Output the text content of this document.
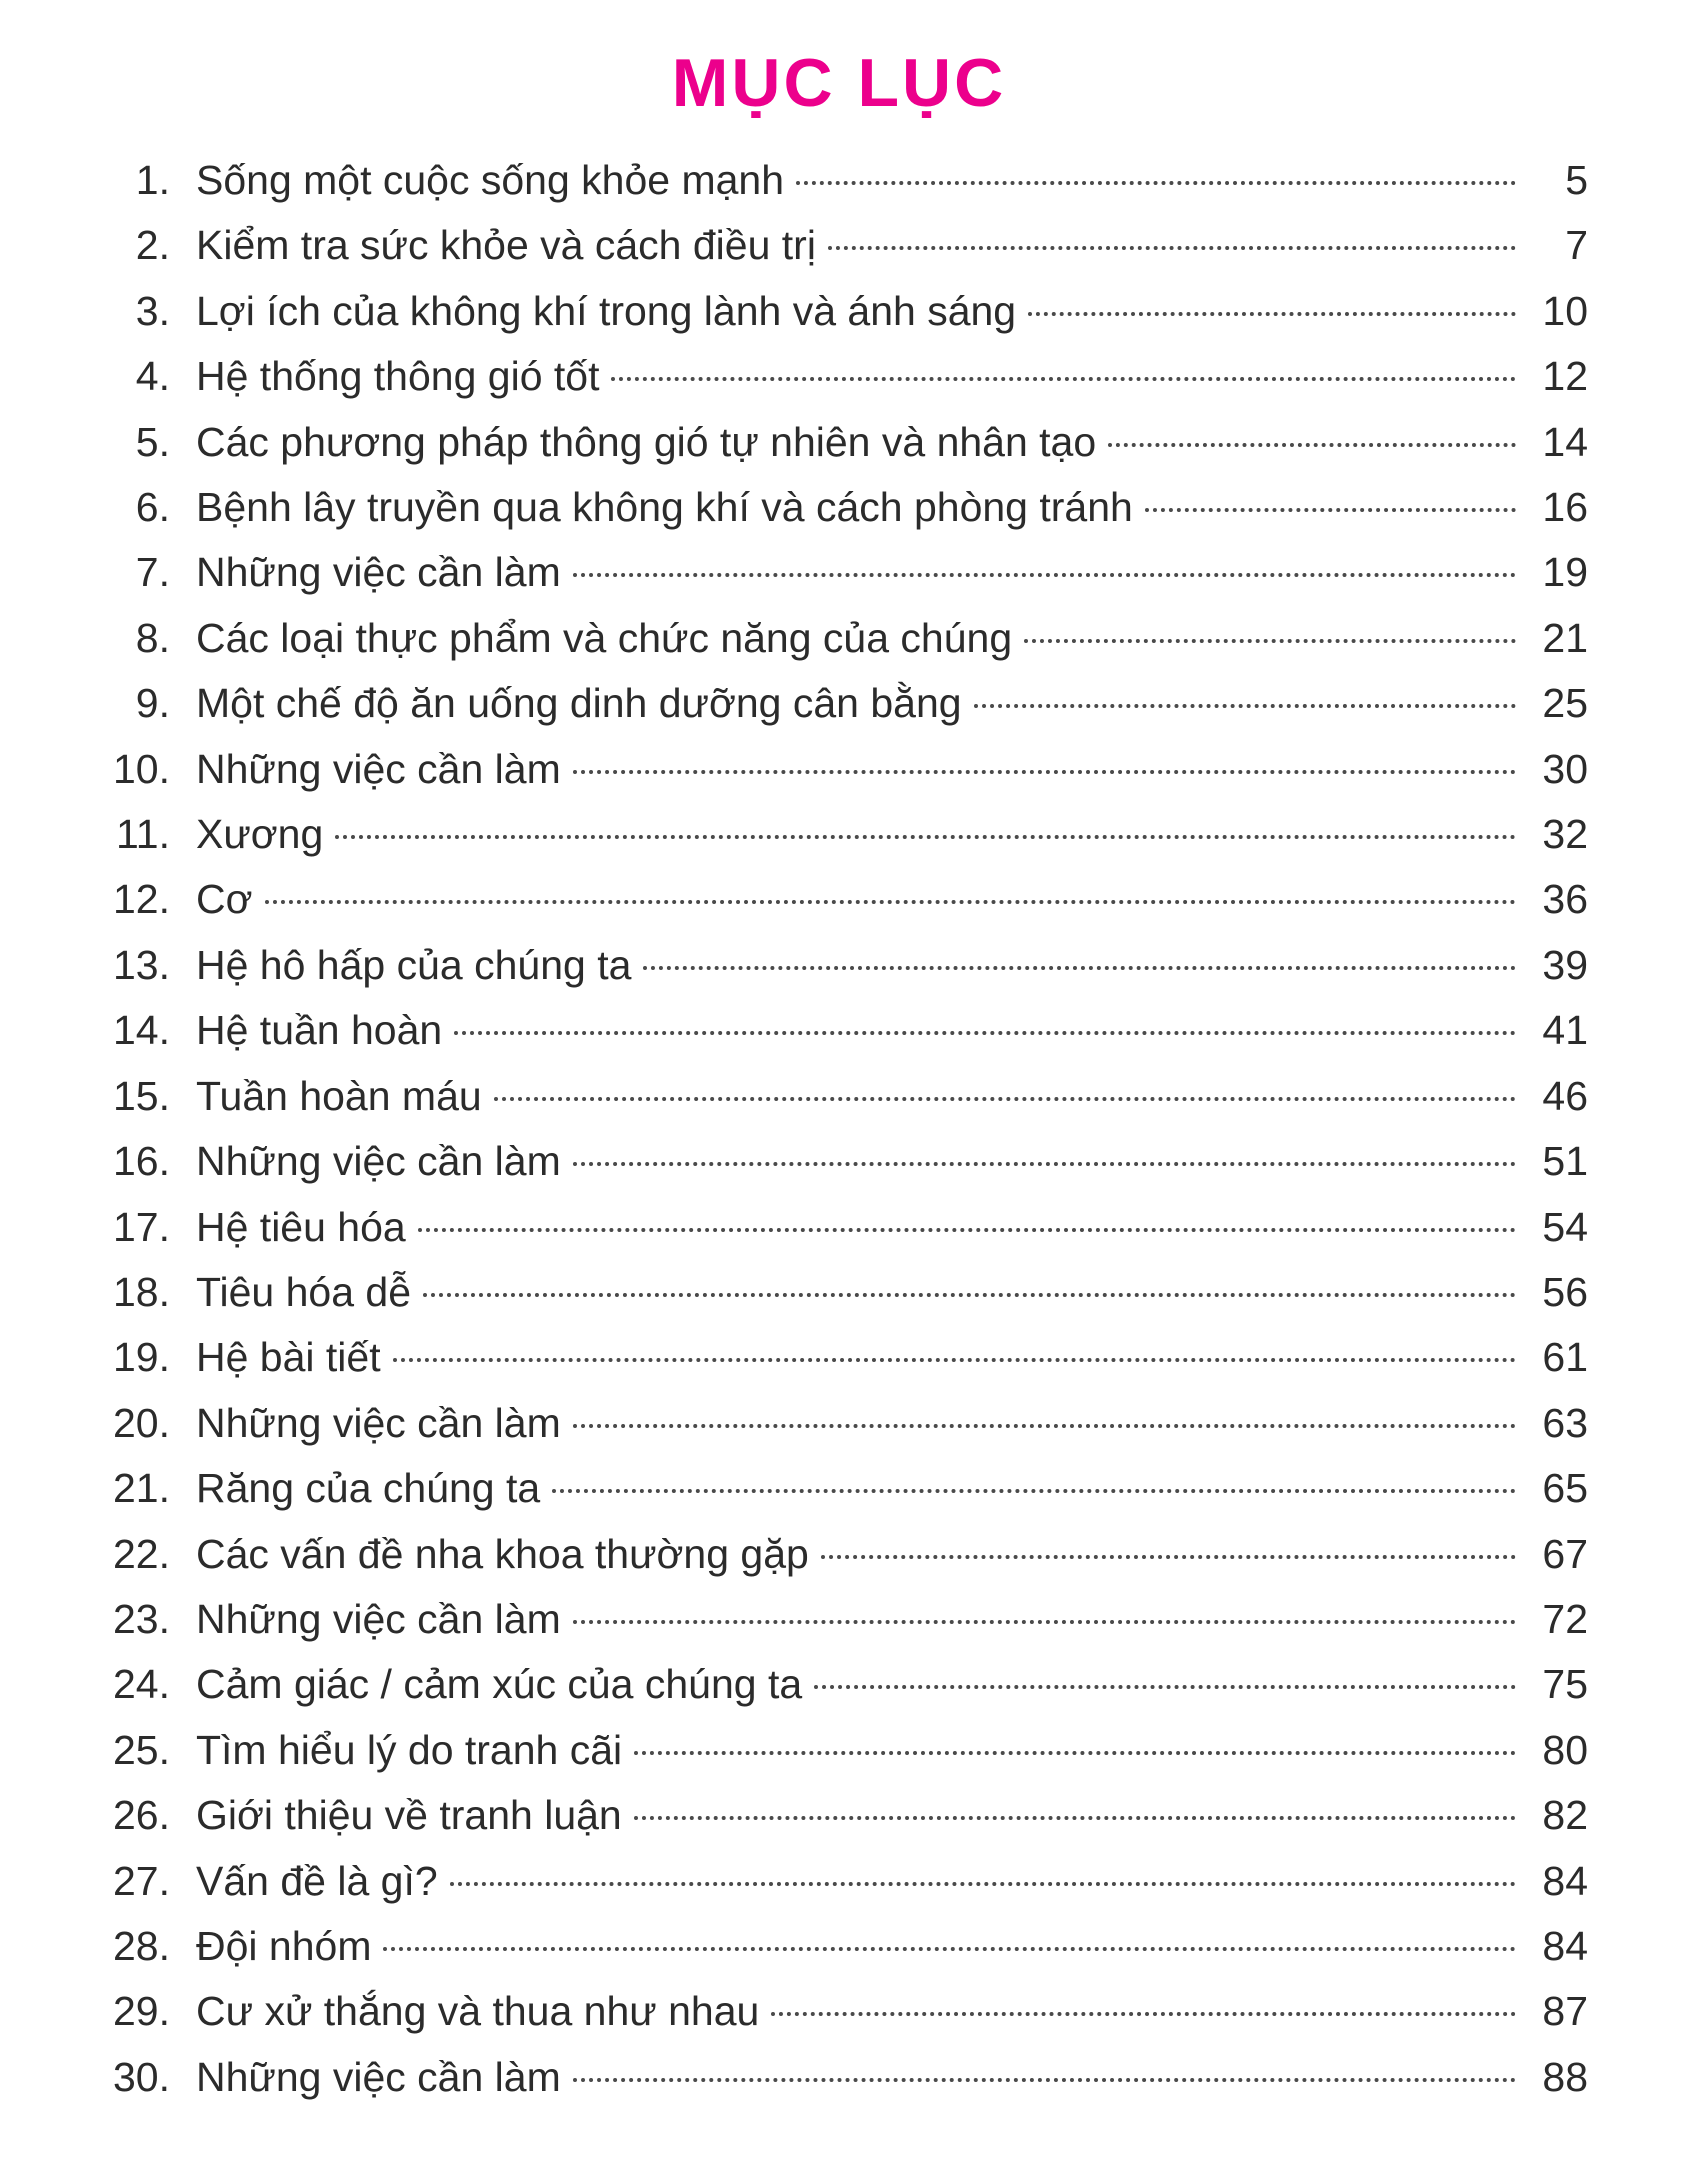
MỤC LỤC
1. Sống một cuộc sống khỏe mạnh	5
2. Kiểm tra sức khỏe và cách điều trị	7
3. Lợi ích của không khí trong lành và ánh sáng	10
4. Hệ thống thông gió tốt	12
5. Các phương pháp thông gió tự nhiên và nhân tạo	14
6. Bệnh lây truyền qua không khí và cách phòng tránh	16
7. Những việc cần làm	19
8. Các loại thực phẩm và chức năng của chúng	21
9. Một chế độ ăn uống dinh dưỡng cân bằng	25
10. Những việc cần làm	30
11. Xương	32
12. Cơ	36
13. Hệ hô hấp của chúng ta	39
14. Hệ tuần hoàn	41
15. Tuần hoàn máu	46
16. Những việc cần làm	51
17. Hệ tiêu hóa	54
18. Tiêu hóa dễ	56
19. Hệ bài tiết	61
20. Những việc cần làm	63
21. Răng của chúng ta	65
22. Các vấn đề nha khoa thường gặp	67
23. Những việc cần làm	72
24. Cảm giác / cảm xúc của chúng ta	75
25. Tìm hiểu lý do tranh cãi	80
26. Giới thiệu về tranh luận	82
27. Vấn đề là gì?	84
28. Đội nhóm	84
29. Cư xử thắng và thua như nhau	87
30. Những việc cần làm	88
